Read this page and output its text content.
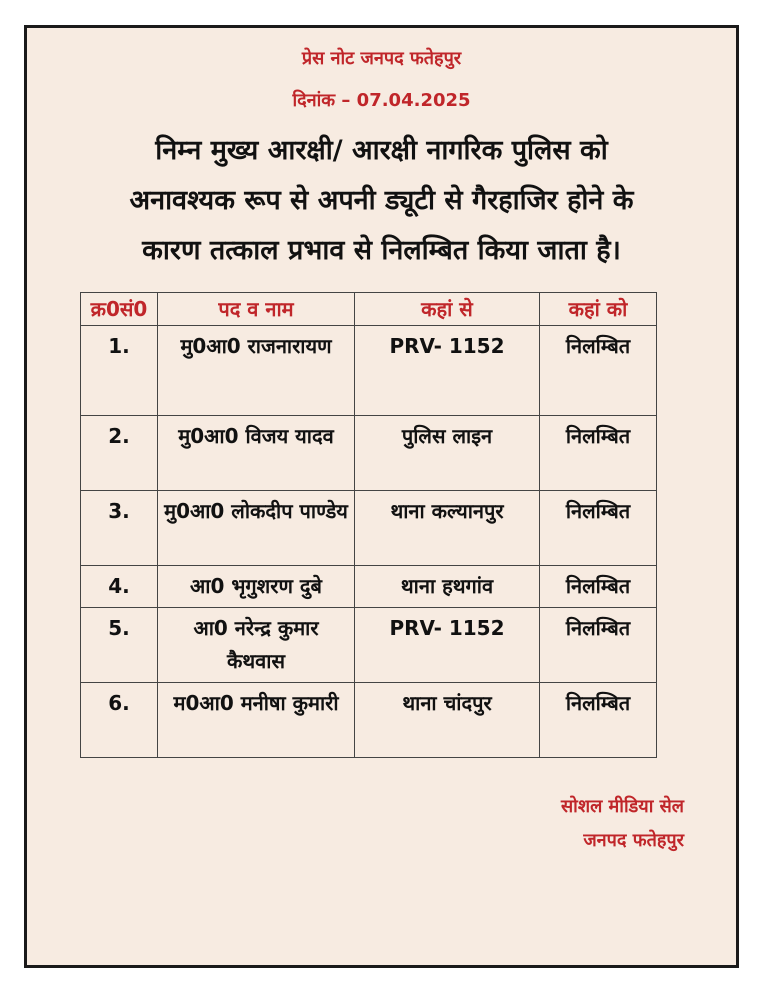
प्रेस नोट जनपद फतेहपुर
दिनांक – 07.04.2025
निम्न मुख्य आरक्षी/ आरक्षी नागरिक पुलिस को
अनावश्यक रूप से अपनी ड्यूटी से गैरहाजिर होने के
कारण तत्काल प्रभाव से निलम्बित किया जाता है।
क्र0सं0	पद व नाम	कहां से	कहां को
1.	मु0आ0 राजनारायण	PRV- 1152	निलम्बित
2.	मु0आ0 विजय यादव	पुलिस लाइन	निलम्बित
3.	मु0आ0 लोकदीप पाण्डेय	थाना कल्यानपुर	निलम्बित
4.	आ0 भृगुशरण दुबे	थाना हथगांव	निलम्बित
5.	आ0 नरेन्द्र कुमार कैथवास	PRV- 1152	निलम्बित
6.	म0आ0 मनीषा कुमारी	थाना चांदपुर	निलम्बित
सोशल मीडिया सेल
जनपद फतेहपुर
